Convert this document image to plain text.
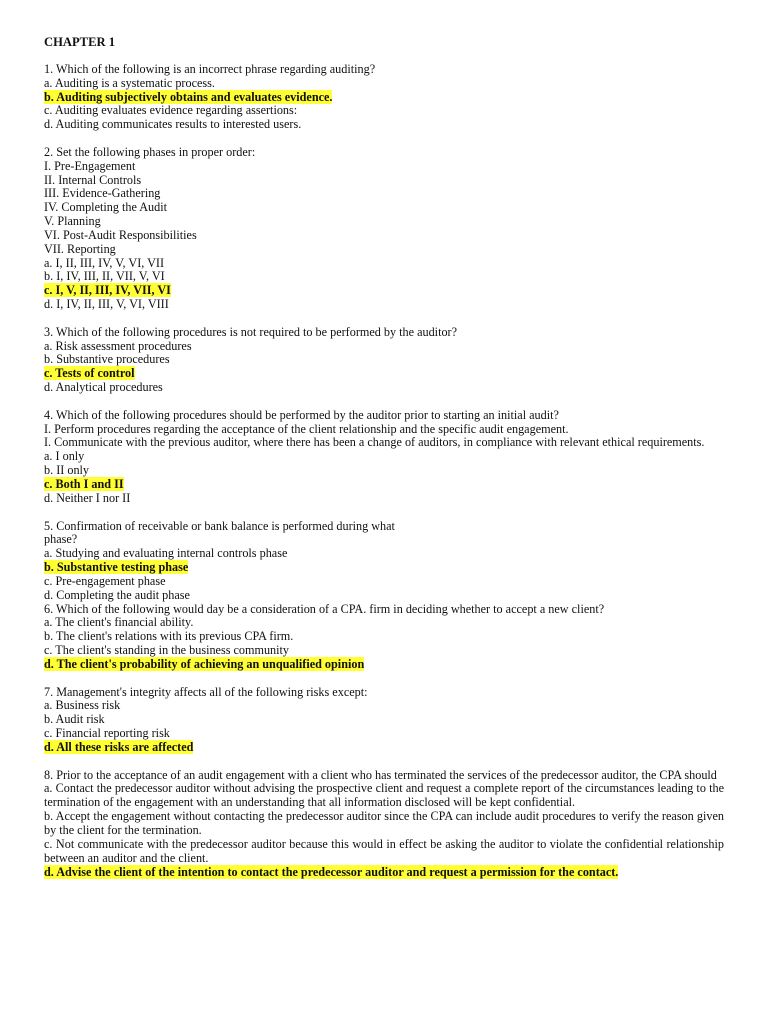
CHAPTER 1
1. Which of the following is an incorrect phrase regarding auditing?
a. Auditing is a systematic process.
b. Auditing subjectively obtains and evaluates evidence.
c. Auditing evaluates evidence regarding assertions:
d. Auditing communicates results to interested users.
2. Set the following phases in proper order:
I. Pre-Engagement
II. Internal Controls
III. Evidence-Gathering
IV. Completing the Audit
V. Planning
VI. Post-Audit Responsibilities
VII. Reporting
a. I, II, III, IV, V, VI, VII
b. I, IV, III, II, VII, V, VI
c. I, V, II, III, IV, VII, VI
d. I, IV, II, III, V, VI, VIII
3. Which of the following procedures is not required to be performed by the auditor?
a. Risk assessment procedures
b. Substantive procedures
c. Tests of control
d. Analytical procedures
4. Which of the following procedures should be performed by the auditor prior to starting an initial audit?
I. Perform procedures regarding the acceptance of the client relationship and the specific audit engagement.
I. Communicate with the previous auditor, where there has been a change of auditors, in compliance with relevant ethical requirements.
a. I only
b. II only
c. Both I and II
d. Neither I nor II
5. Confirmation of receivable or bank balance is performed during what
phase?
a. Studying and evaluating internal controls phase
b. Substantive testing phase
c. Pre-engagement phase
d. Completing the audit phase
6. Which of the following would day be a consideration of a CPA. firm in deciding whether to accept a new client?
a. The client's financial ability.
b. The client's relations with its previous CPA firm.
c. The client's standing in the business community
d. The client's probability of achieving an unqualified opinion
7. Management's integrity affects all of the following risks except:
a. Business risk
b. Audit risk
c. Financial reporting risk
d. All these risks are affected
8. Prior to the acceptance of an audit engagement with a client who has terminated the services of the predecessor auditor, the CPA should
a. Contact the predecessor auditor without advising the prospective client and request a complete report of the circumstances leading to the termination of the engagement with an understanding that all information disclosed will be kept confidential.
b. Accept the engagement without contacting the predecessor auditor since the CPA can include audit procedures to verify the reason given by the client for the termination.
c. Not communicate with the predecessor auditor because this would in effect be asking the auditor to violate the confidential relationship between an auditor and the client.
d. Advise the client of the intention to contact the predecessor auditor and request a permission for the contact.
